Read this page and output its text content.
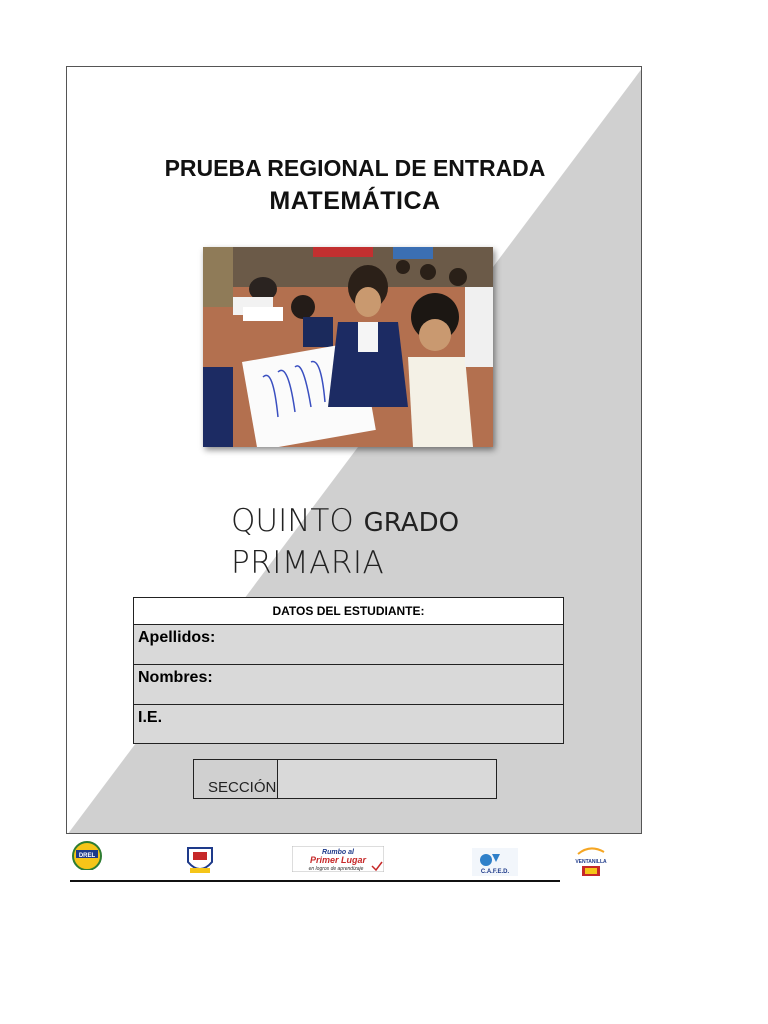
PRUEBA REGIONAL DE ENTRADA
MATEMÁTICA
QUINTO GRADO
PRIMARIA
DATOS DEL ESTUDIANTE:
Apellidos:
Nombres:
I.E.
SECCIÓN
DREL	Rumbo al
Primer Lugar
en logros de aprendizaje	C.A.F.E.D.
VENTANILLA
